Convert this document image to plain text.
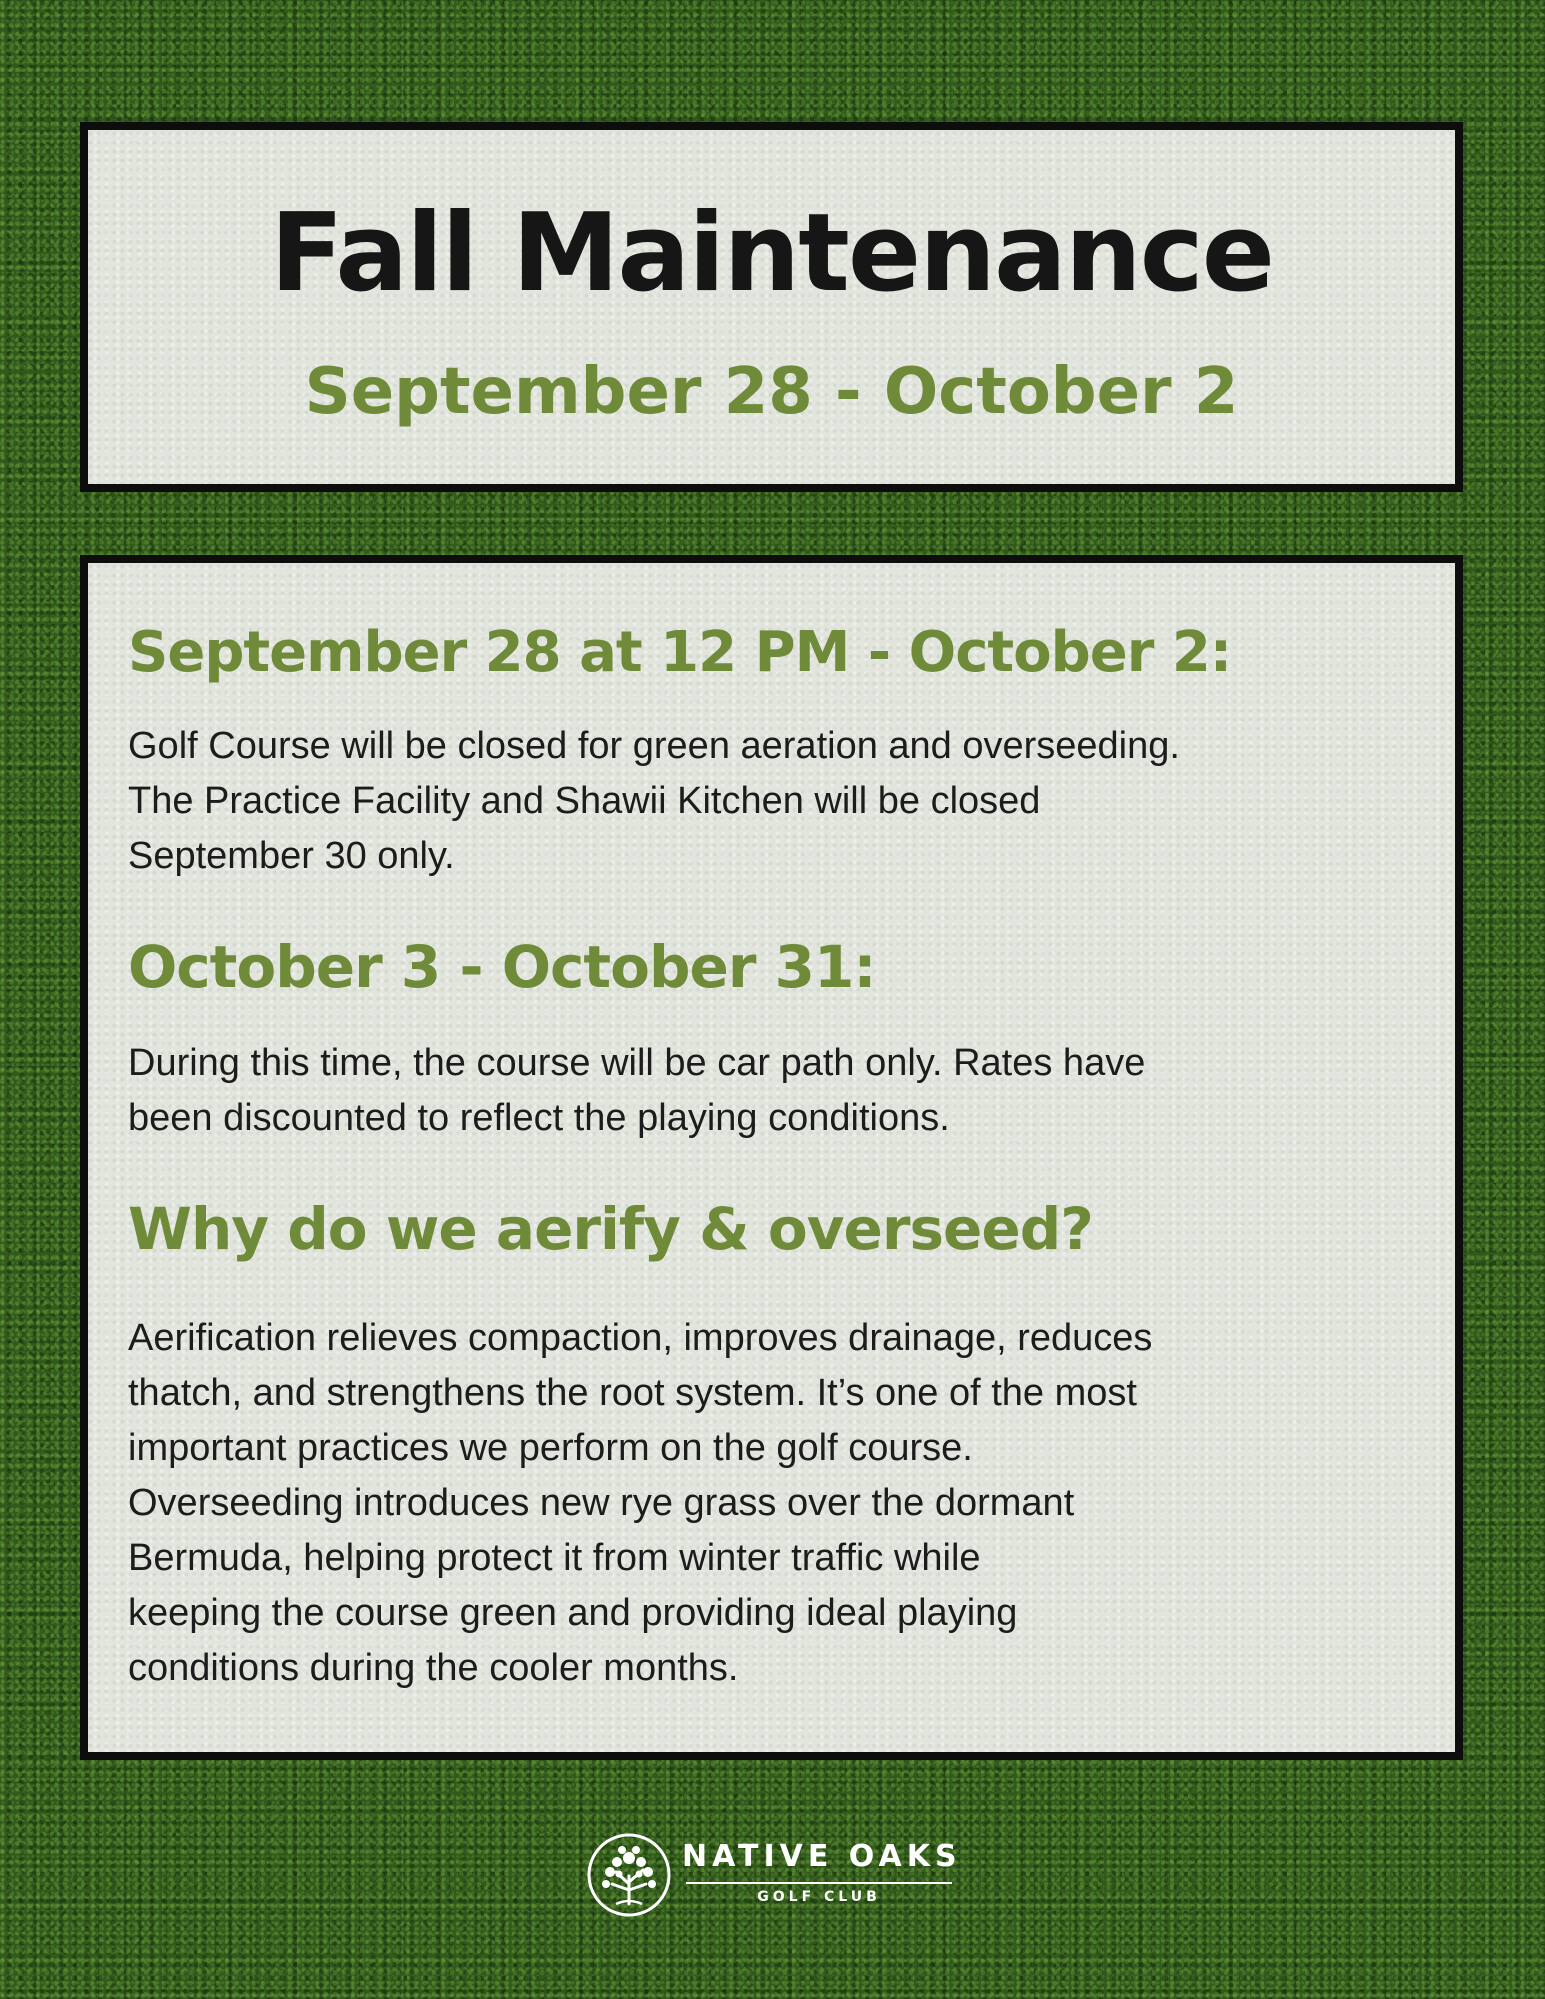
Fall Maintenance
September 28 - October 2
September 28 at 12 PM - October 2:

Golf Course will be closed for green aeration and overseeding.
The Practice Facility and Shawii Kitchen will be closed
September 30 only.

October 3 - October 31:

During this time, the course will be car path only. Rates have
been discounted to reflect the playing conditions.

Why do we aerify & overseed?

Aerification relieves compaction, improves drainage, reduces
thatch, and strengthens the root system. It’s one of the most
important practices we perform on the golf course.
Overseeding introduces new rye grass over the dormant
Bermuda, helping protect it from winter traffic while
keeping the course green and providing ideal playing
conditions during the cooler months.

NATIVE OAKS
GOLF CLUB
